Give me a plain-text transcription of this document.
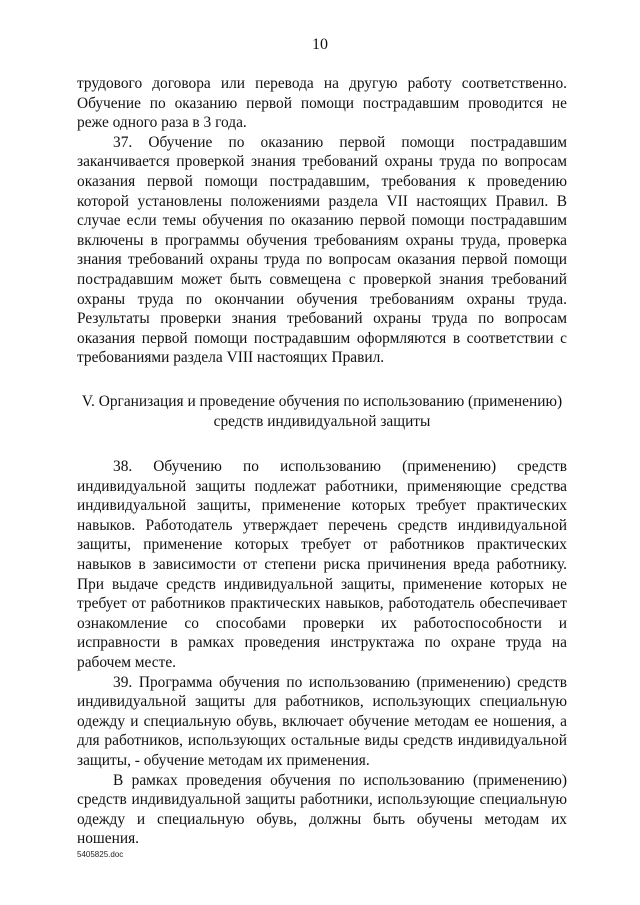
10

трудового договора или перевода на другую работу соответственно. Обучение по оказанию первой помощи пострадавшим проводится не реже одного раза в 3 года.

37. Обучение по оказанию первой помощи пострадавшим заканчивается проверкой знания требований охраны труда по вопросам оказания первой помощи пострадавшим, требования к проведению которой установлены положениями раздела VII настоящих Правил. В случае если темы обучения по оказанию первой помощи пострадавшим включены в программы обучения требованиям охраны труда, проверка знания требований охраны труда по вопросам оказания первой помощи пострадавшим может быть совмещена с проверкой знания требований охраны труда по окончании обучения требованиям охраны труда. Результаты проверки знания требований охраны труда по вопросам оказания первой помощи пострадавшим оформляются в соответствии с требованиями раздела VIII настоящих Правил.

V. Организация и проведение обучения по использованию (применению)
средств индивидуальной защиты

38. Обучению по использованию (применению) средств индивидуальной защиты подлежат работники, применяющие средства индивидуальной защиты, применение которых требует практических навыков. Работодатель утверждает перечень средств индивидуальной защиты, применение которых требует от работников практических навыков в зависимости от степени риска причинения вреда работнику. При выдаче средств индивидуальной защиты, применение которых не требует от работников практических навыков, работодатель обеспечивает ознакомление со способами проверки их работоспособности и исправности в рамках проведения инструктажа по охране труда на рабочем месте.

39. Программа обучения по использованию (применению) средств индивидуальной защиты для работников, использующих специальную одежду и специальную обувь, включает обучение методам ее ношения, а для работников, использующих остальные виды средств индивидуальной защиты, - обучение методам их применения.

В рамках проведения обучения по использованию (применению) средств индивидуальной защиты работники, использующие специальную одежду и специальную обувь, должны быть обучены методам их ношения.

5405825.doc
